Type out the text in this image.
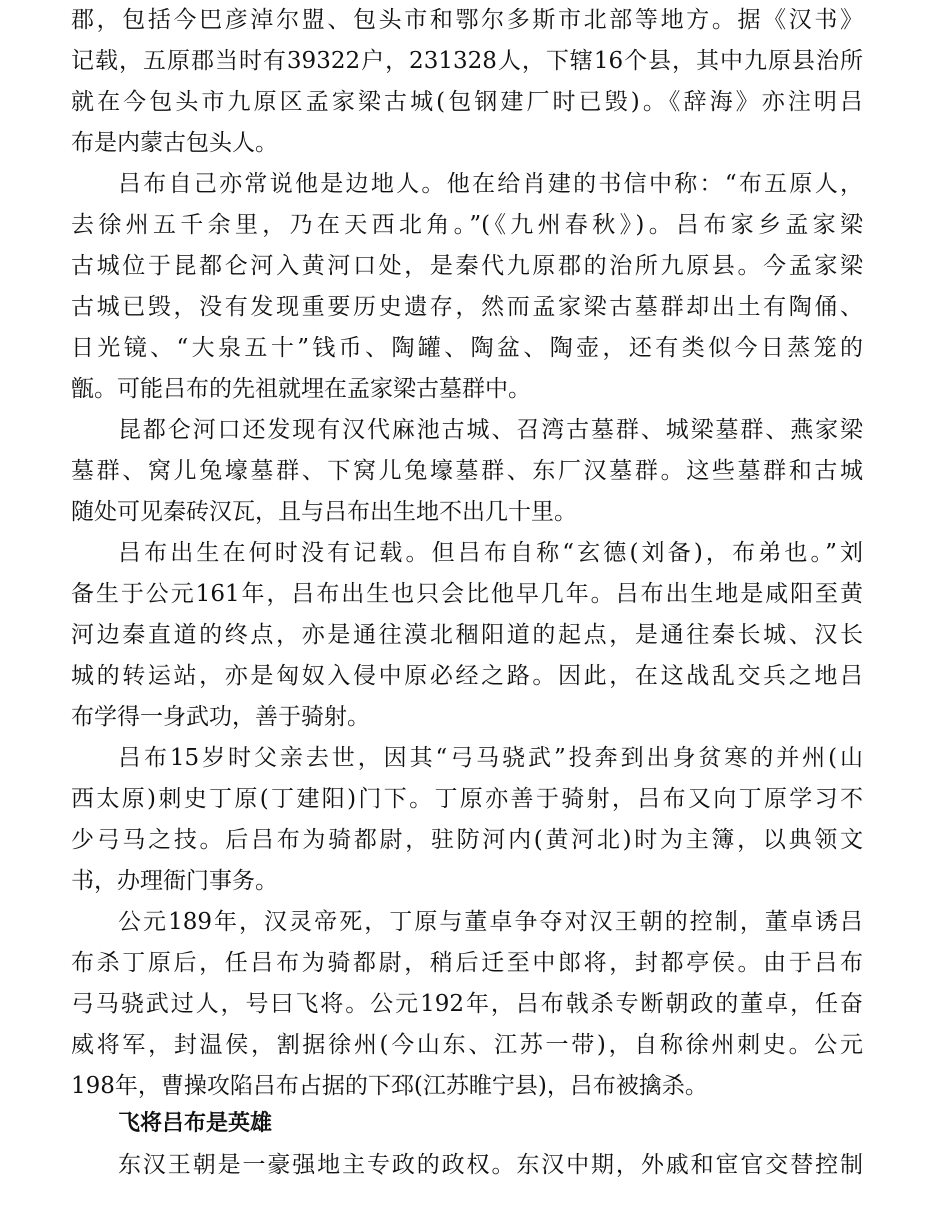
郡，包括今巴彦淖尔盟、包头市和鄂尔多斯市北部等地方。据《汉书》
记载，五原郡当时有39322户，231328人，下辖16个县，其中九原县治所
就在今包头市九原区孟家梁古城(包钢建厂时已毁)。《辞海》亦注明吕
布是内蒙古包头人。
吕布自己亦常说他是边地人。他在给肖建的书信中称：“布五原人，
去徐州五千余里，乃在天西北角。”(《九州春秋》)。吕布家乡孟家梁
古城位于昆都仑河入黄河口处，是秦代九原郡的治所九原县。今孟家梁
古城已毁，没有发现重要历史遗存，然而孟家梁古墓群却出土有陶俑、
日光镜、“大泉五十”钱币、陶罐、陶盆、陶壶，还有类似今日蒸笼的
甑。可能吕布的先祖就埋在孟家梁古墓群中。
昆都仑河口还发现有汉代麻池古城、召湾古墓群、城梁墓群、燕家梁
墓群、窝儿兔壕墓群、下窝儿兔壕墓群、东厂汉墓群。这些墓群和古城
随处可见秦砖汉瓦，且与吕布出生地不出几十里。
吕布出生在何时没有记载。但吕布自称“玄德(刘备)，布弟也。”刘
备生于公元161年，吕布出生也只会比他早几年。吕布出生地是咸阳至黄
河边秦直道的终点，亦是通往漠北稒阳道的起点，是通往秦长城、汉长
城的转运站，亦是匈奴入侵中原必经之路。因此，在这战乱交兵之地吕
布学得一身武功，善于骑射。
吕布15岁时父亲去世，因其“弓马骁武”投奔到出身贫寒的并州(山
西太原)刺史丁原(丁建阳)门下。丁原亦善于骑射，吕布又向丁原学习不
少弓马之技。后吕布为骑都尉，驻防河内(黄河北)时为主簿，以典领文
书，办理衙门事务。
公元189年，汉灵帝死，丁原与董卓争夺对汉王朝的控制，董卓诱吕
布杀丁原后，任吕布为骑都尉，稍后迁至中郎将，封都亭侯。由于吕布
弓马骁武过人，号曰飞将。公元192年，吕布戟杀专断朝政的董卓，任奋
威将军，封温侯，割据徐州(今山东、江苏一带)，自称徐州刺史。公元
198年，曹操攻陷吕布占据的下邳(江苏睢宁县)，吕布被擒杀。
飞将吕布是英雄
东汉王朝是一豪强地主专政的政权。东汉中期，外戚和宦官交替控制
